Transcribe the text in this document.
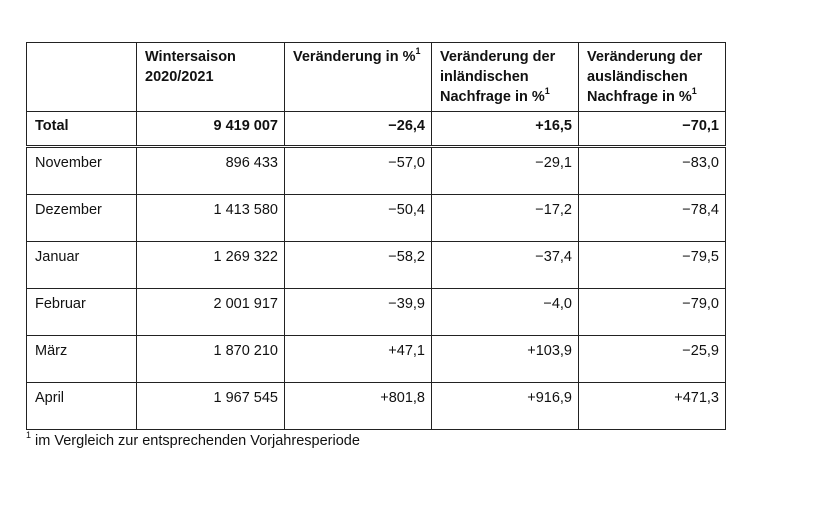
	Wintersaison 2020/2021	Veränderung in %$^1$	Veränderung der inländischen Nachfrage in %$^1$	Veränderung der ausländischen Nachfrage in %$^1$
Total	9 419 007	−26,4	+16,5	−70,1
November	896 433	−57,0	−29,1	−83,0
Dezember	1 413 580	−50,4	−17,2	−78,4
Januar	1 269 322	−58,2	−37,4	−79,5
Februar	2 001 917	−39,9	−4,0	−79,0
März	1 870 210	+47,1	+103,9	−25,9
April	1 967 545	+801,8	+916,9	+471,3
$^1$ im Vergleich zur entsprechenden Vorjahresperiode
